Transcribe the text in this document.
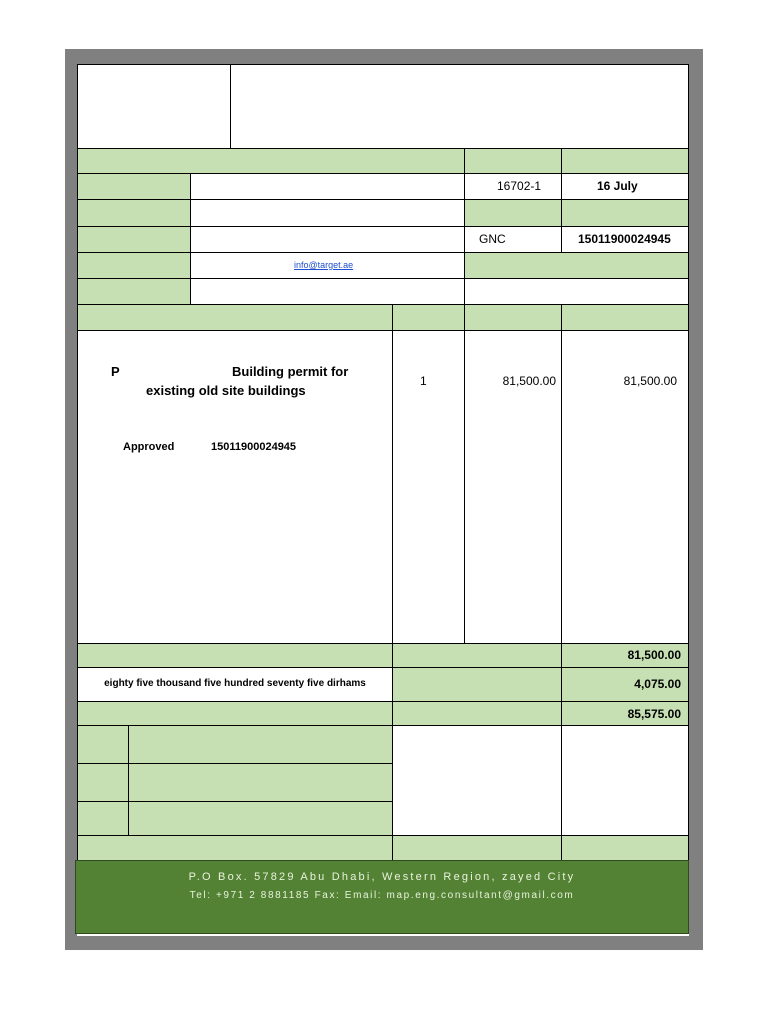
16702-1	16 July
GNC	15011900024945
info@target.ae
P	Building permit for
existing old site buildings
Approved	15011900024945
1	81,500.00	81,500.00
81,500.00
eighty five thousand five hundred seventy five dirhams	4,075.00
85,575.00
P.O Box. 57829 Abu Dhabi, Western Region, zayed City
Tel: +971 2 8881185 Fax: Email: map.eng.consultant@gmail.com
